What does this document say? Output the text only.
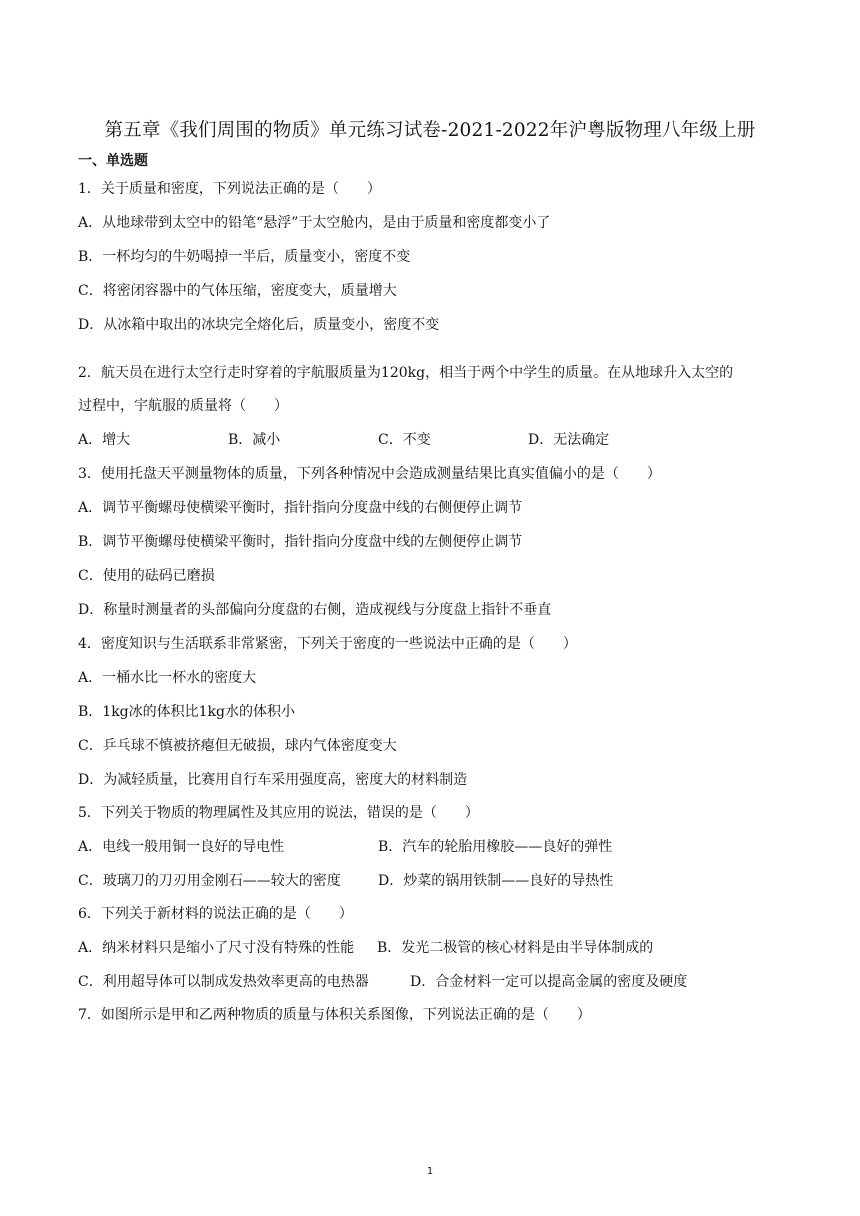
第五章《我们周围的物质》单元练习试卷-2021-2022年沪粤版物理八年级上册
一、单选题
1．关于质量和密度，下列说法正确的是（　　）
A．从地球带到太空中的铅笔“悬浮”于太空舱内，是由于质量和密度都变小了
B．一杯均匀的牛奶喝掉一半后，质量变小，密度不变
C．将密闭容器中的气体压缩，密度变大，质量增大
D．从冰箱中取出的冰块完全熔化后，质量变小，密度不变
2．航天员在进行太空行走时穿着的宇航服质量为120kg，相当于两个中学生的质量。在从地球升入太空的
过程中，宇航服的质量将（　　）
A．增大	B．减小	C．不变	D．无法确定
3．使用托盘天平测量物体的质量，下列各种情况中会造成测量结果比真实值偏小的是（　　）
A．调节平衡螺母使横梁平衡时，指针指向分度盘中线的右侧便停止调节
B．调节平衡螺母使横梁平衡时，指针指向分度盘中线的左侧便停止调节
C．使用的砝码已磨损
D．称量时测量者的头部偏向分度盘的右侧，造成视线与分度盘上指针不垂直
4．密度知识与生活联系非常紧密，下列关于密度的一些说法中正确的是（　　）
A．一桶水比一杯水的密度大
B．1kg冰的体积比1kg水的体积小
C．乒乓球不慎被挤瘪但无破损，球内气体密度变大
D．为减轻质量，比赛用自行车采用强度高，密度大的材料制造
5．下列关于物质的物理属性及其应用的说法，错误的是（　　）
A．电线一般用铜一良好的导电性	B．汽车的轮胎用橡胶——良好的弹性
C．玻璃刀的刀刃用金刚石——较大的密度	D．炒菜的锅用铁制——良好的导热性
6．下列关于新材料的说法正确的是（　　）
A．纳米材料只是缩小了尺寸没有特殊的性能 B．发光二极管的核心材料是由半导体制成的
C．利用超导体可以制成发热效率更高的电热器	D．合金材料一定可以提高金属的密度及硬度
7．如图所示是甲和乙两种物质的质量与体积关系图像，下列说法正确的是（　　）
1
